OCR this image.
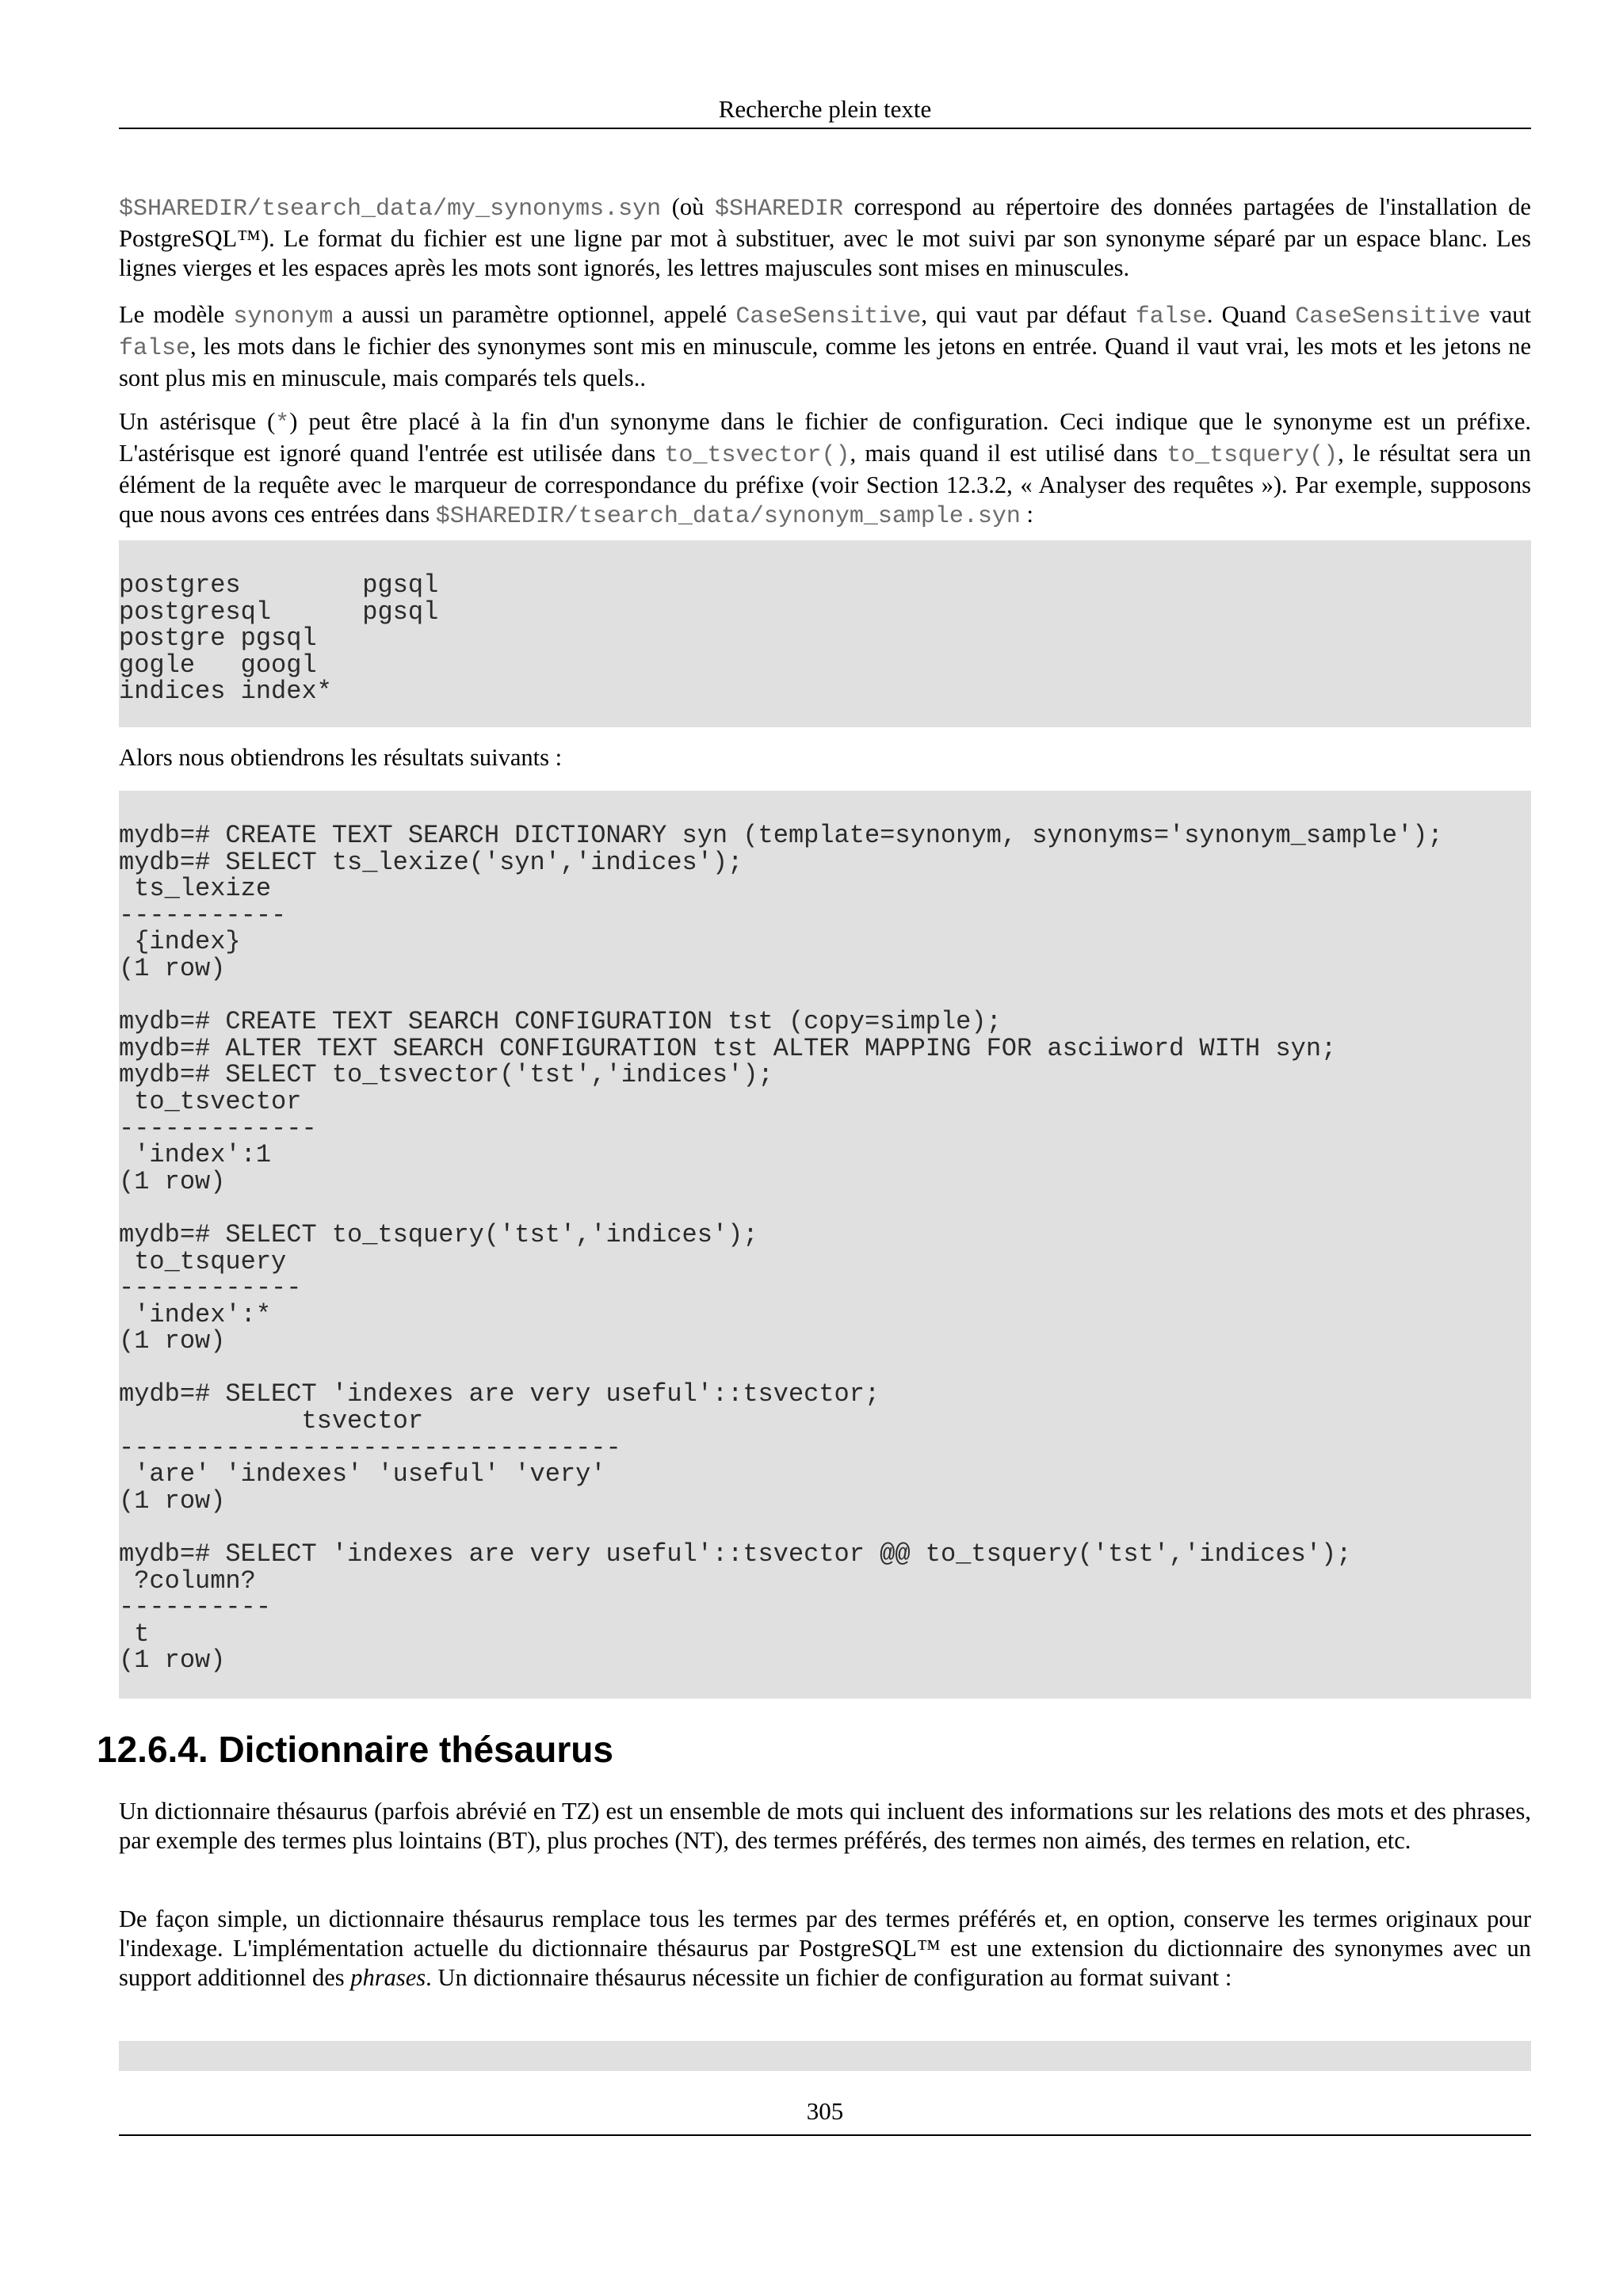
Recherche plein texte

$SHAREDIR/tsearch_data/my_synonyms.syn (où $SHAREDIR correspond au répertoire des données partagées de l'installation de PostgreSQL™). Le format du fichier est une ligne par mot à substituer, avec le mot suivi par son synonyme séparé par un espace blanc. Les lignes vierges et les espaces après les mots sont ignorés, les lettres majuscules sont mises en minuscules.

Le modèle synonym a aussi un paramètre optionnel, appelé CaseSensitive, qui vaut par défaut false. Quand CaseSensitive vaut false, les mots dans le fichier des synonymes sont mis en minuscule, comme les jetons en entrée. Quand il vaut vrai, les mots et les jetons ne sont plus mis en minuscule, mais comparés tels quels..

Un astérisque (*) peut être placé à la fin d'un synonyme dans le fichier de configuration. Ceci indique que le synonyme est un préfixe. L'astérisque est ignoré quand l'entrée est utilisée dans to_tsvector(), mais quand il est utilisé dans to_tsquery(), le résultat sera un élément de la requête avec le marqueur de correspondance du préfixe (voir Section 12.3.2, « Analyser des requêtes »). Par exemple, supposons que nous avons ces entrées dans $SHAREDIR/tsearch_data/synonym_sample.syn :

postgres        pgsql
postgresql      pgsql
postgre pgsql
gogle   googl
indices index*

Alors nous obtiendrons les résultats suivants :

mydb=# CREATE TEXT SEARCH DICTIONARY syn (template=synonym, synonyms='synonym_sample');
mydb=# SELECT ts_lexize('syn','indices');
ts_lexize
-----------
{index}
(1 row)

mydb=# CREATE TEXT SEARCH CONFIGURATION tst (copy=simple);
mydb=# ALTER TEXT SEARCH CONFIGURATION tst ALTER MAPPING FOR asciiword WITH syn;
mydb=# SELECT to_tsvector('tst','indices');
to_tsvector
-------------
'index':1
(1 row)

mydb=# SELECT to_tsquery('tst','indices');
to_tsquery
------------
'index':*
(1 row)

mydb=# SELECT 'indexes are very useful'::tsvector;
tsvector
---------------------------------
'are' 'indexes' 'useful' 'very'
(1 row)

mydb=# SELECT 'indexes are very useful'::tsvector @@ to_tsquery('tst','indices');
?column?
----------
t
(1 row)
12.6.4. Dictionnaire thésaurus

Un dictionnaire thésaurus (parfois abrévié en TZ) est un ensemble de mots qui incluent des informations sur les relations des mots et des phrases, par exemple des termes plus lointains (BT), plus proches (NT), des termes préférés, des termes non aimés, des termes en relation, etc.

De façon simple, un dictionnaire thésaurus remplace tous les termes par des termes préférés et, en option, conserve les termes originaux pour l'indexage. L'implémentation actuelle du dictionnaire thésaurus par PostgreSQL™ est une extension du dictionnaire des synonymes avec un support additionnel des phrases. Un dictionnaire thésaurus nécessite un fichier de configuration au format suivant :

305
